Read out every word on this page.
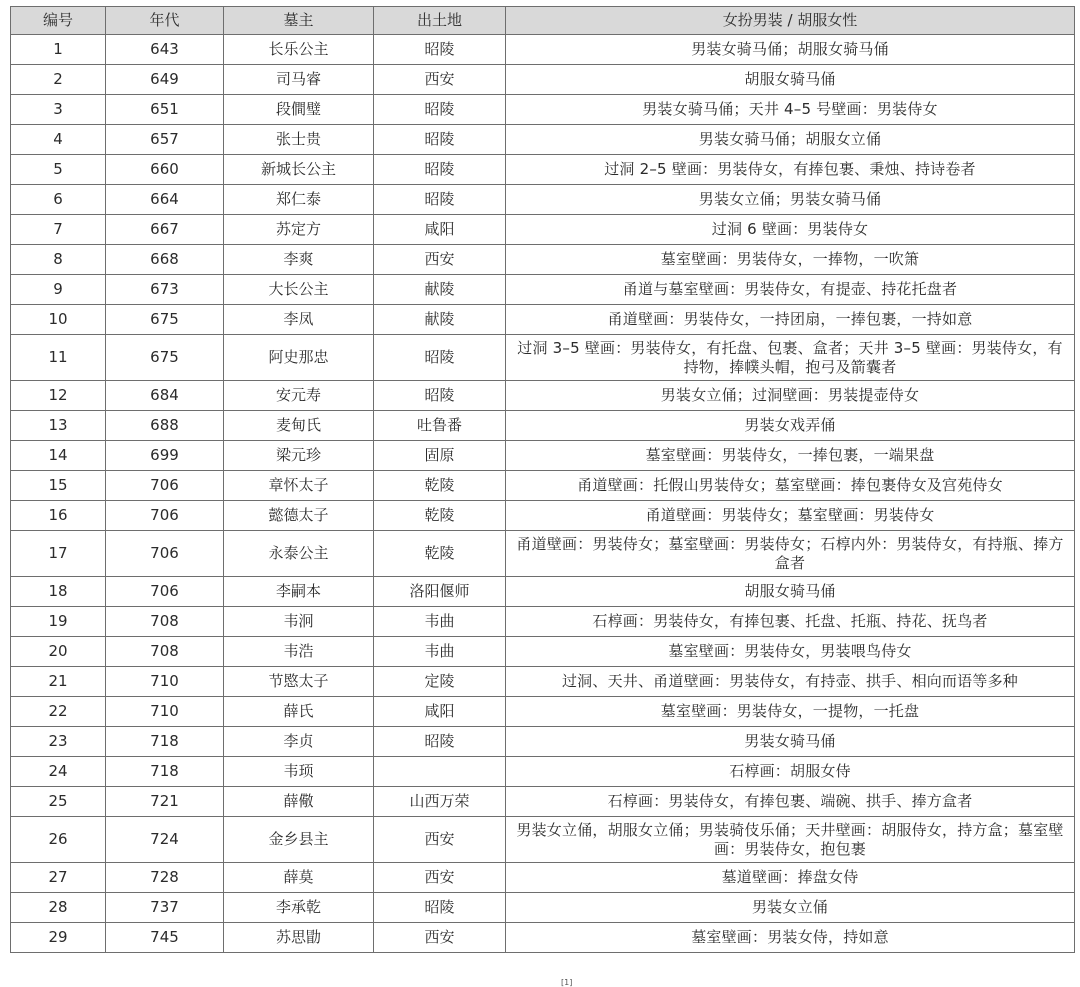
编号	年代	墓主	出土地	女扮男装 / 胡服女性
1	643	长乐公主	昭陵	男装女骑马俑；胡服女骑马俑
2	649	司马睿	西安	胡服女骑马俑
3	651	段僴璧	昭陵	男装女骑马俑；天井 4–5 号壁画：男装侍女
4	657	张士贵	昭陵	男装女骑马俑；胡服女立俑
5	660	新城长公主	昭陵	过洞 2–5 壁画：男装侍女，有捧包裹、秉烛、持诗卷者
6	664	郑仁泰	昭陵	男装女立俑；男装女骑马俑
7	667	苏定方	咸阳	过洞 6 壁画：男装侍女
8	668	李爽	西安	墓室壁画：男装侍女，一捧物，一吹箫
9	673	大长公主	献陵	甬道与墓室壁画：男装侍女，有提壶、持花托盘者
10	675	李凤	献陵	甬道壁画：男装侍女，一持团扇，一捧包裹，一持如意
11	675	阿史那忠	昭陵	过洞 3–5 壁画：男装侍女，有托盘、包裹、盒者；天井 3–5 壁画：男装侍女，有持物，捧幞头帽，抱弓及箭囊者
12	684	安元寿	昭陵	男装女立俑；过洞壁画：男装提壶侍女
13	688	麦甸氏	吐鲁番	男装女戏弄俑
14	699	梁元珍	固原	墓室壁画：男装侍女，一捧包裹，一端果盘
15	706	章怀太子	乾陵	甬道壁画：托假山男装侍女；墓室壁画：捧包裹侍女及宫苑侍女
16	706	懿德太子	乾陵	甬道壁画：男装侍女；墓室壁画：男装侍女
17	706	永泰公主	乾陵	甬道壁画：男装侍女；墓室壁画：男装侍女；石椁内外：男装侍女，有持瓶、捧方盒者
18	706	李嗣本	洛阳偃师	胡服女骑马俑
19	708	韦泂	韦曲	石椁画：男装侍女，有捧包裹、托盘、托瓶、持花、抚鸟者
20	708	韦浩	韦曲	墓室壁画：男装侍女，男装喂鸟侍女
21	710	节愍太子	定陵	过洞、天井、甬道壁画：男装侍女，有持壶、拱手、相向而语等多种
22	710	薛氏	咸阳	墓室壁画：男装侍女，一提物，一托盘
23	718	李贞	昭陵	男装女骑马俑
24	718	韦顼		石椁画：胡服女侍
25	721	薛儆	山西万荣	石椁画：男装侍女，有捧包裹、端碗、拱手、捧方盒者
26	724	金乡县主	西安	男装女立俑，胡服女立俑；男装骑伎乐俑；天井壁画：胡服侍女，持方盒；墓室壁画：男装侍女，抱包裹
27	728	薛莫	西安	墓道壁画：捧盘女侍
28	737	李承乾	昭陵	男装女立俑
29	745	苏思勖	西安	墓室壁画：男装女侍，持如意
[1]
